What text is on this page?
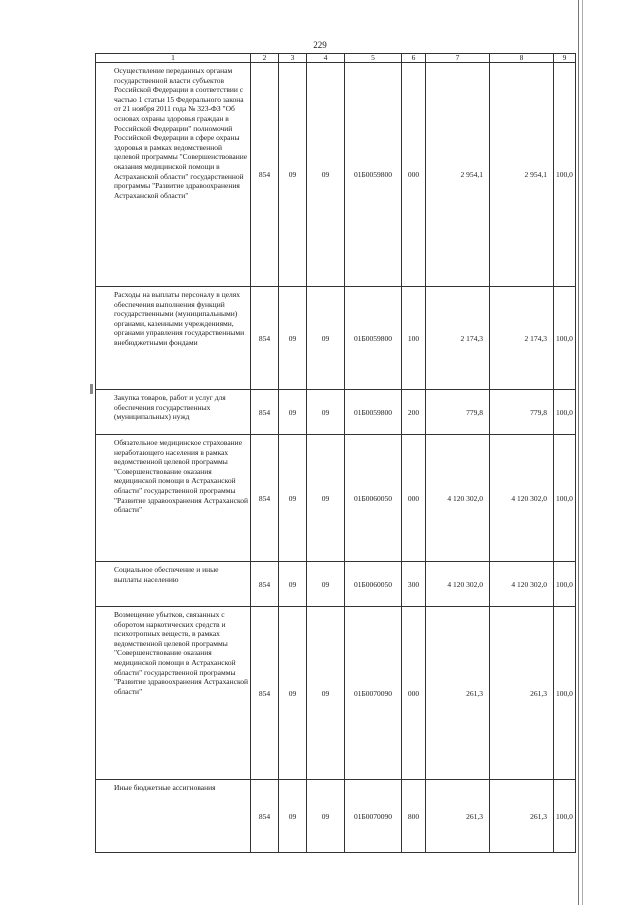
229
1	2	3	4	5	6	7	8	9

Осуществление переданных органам государственной власти субъектов Российской Федерации в соответствии с частью 1 статьи 15 Федерального закона от 21 ноября 2011 года № 323-ФЗ "Об основах охраны здоровья граждан в Российской Федерации" полномочий Российской Федерации в сфере охраны здоровья в рамках ведомственной целевой программы "Совершенствование оказания медицинской помощи в Астраханской области" государственной программы "Развитие здравоохранения Астраханской области"	854	09	09	01Б0059800	000	2 954,1	2 954,1	100,0

Расходы на выплаты персоналу в целях обеспечения выполнения функций государственными (муниципальными) органами, казенными учреждениями, органами управления государственными внебюджетными фондами	854	09	09	01Б0059800	100	2 174,3	2 174,3	100,0

Закупка товаров, работ и услуг для обеспечения государственных (муниципальных) нужд	854	09	09	01Б0059800	200	779,8	779,8	100,0

Обязательное медицинское страхование неработающего населения в рамках ведомственной целевой программы "Совершенствование оказания медицинской помощи в Астраханской области" государственной программы "Развитие здравоохранения Астраханской области"	854	09	09	01Б0060050	000	4 120 302,0	4 120 302,0	100,0

Социальное обеспечение и иные выплаты населению	854	09	09	01Б0060050	300	4 120 302,0	4 120 302,0	100,0

Возмещение убытков, связанных с оборотом наркотических средств и психотропных веществ, в рамках ведомственной целевой программы "Совершенствование оказания медицинской помощи в Астраханской области" государственной программы "Развитие здравоохранения Астраханской области"	854	09	09	01Б0070090	000	261,3	261,3	100,0

Иные бюджетные ассигнования	854	09	09	01Б0070090	800	261,3	261,3	100,0
